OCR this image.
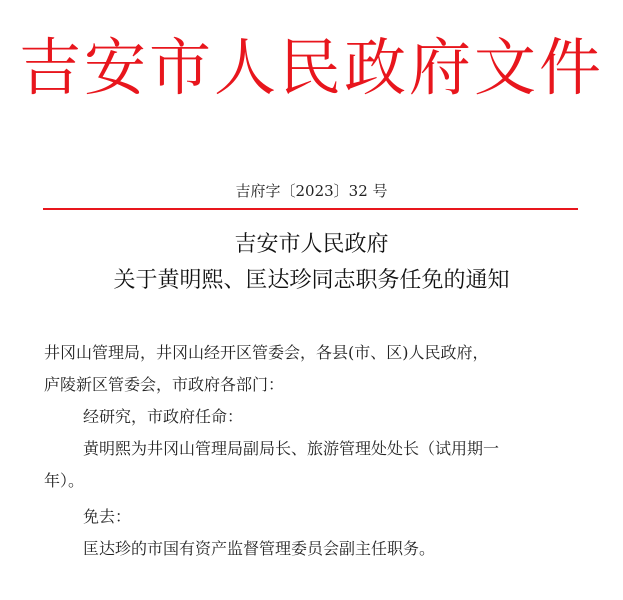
吉安市人民政府文件
吉府字〔2023〕32 号
吉安市人民政府
关于黄明熙、匡达珍同志职务任免的通知
井冈山管理局，井冈山经开区管委会，各县(市、区)人民政府，
庐陵新区管委会，市政府各部门：
经研究，市政府任命：
黄明熙为井冈山管理局副局长、旅游管理处处长（试用期一
年）。
免去：
匡达珍的市国有资产监督管理委员会副主任职务。
